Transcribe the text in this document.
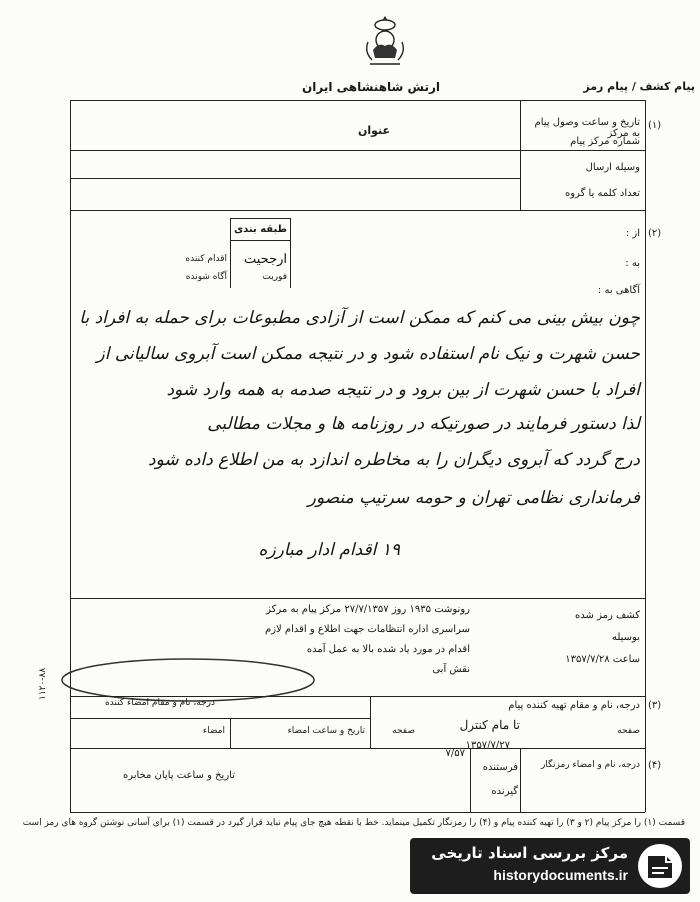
ارتش شاهنشاهی ایران	پیام کشف / پیام رمز
(۱)
تاریخ و ساعت وصول پیام به مرکز
شماره مرکز پیام
وسیله ارسال
تعداد کلمه یا گروه
عنوان
(۲)
از :
به :
آگاهی به :
طبقه بندی
فوریت
ارجحیت
اقدام کننده
آگاه شونده
چون بیش بینی می کنم که ممکن است از آزادی مطبوعات برای حمله به افراد با
حسن شهرت و نیک نام استفاده شود و در نتیجه ممکن است آبروی سالیانی از
افراد با حسن شهرت از بین برود و در نتیجه صدمه به همه وارد شود
لذا دستور فرمایند در صورتیکه در روزنامه ها و مجلات مطالبی
درج گردد که آبروی دیگران را به مخاطره اندازد به من اطلاع داده شود
فرمانداری نظامی تهران و حومه سرتیپ منصور
۱۹ اقدام ادار مبارزه
رونوشت ۱۹۳۵ روز ۲۷/۷/۱۳۵۷ مرکز پیام به مرکز
سراسری اداره انتظامات جهت اطلاع و اقدام لازم
اقدام در مورد یاد شده بالا به عمل آمده
نقش آبی
کشف رمز شده
بوسیله
ساعت ۱۳۵۷/۷/۲۸
(۳)
درجه، نام و مقام تهیه کننده پیام
درجه، نام و مقام امضاء کننده
امضاء	تاریخ و ساعت امضاء	صفحه	تا مام کنترل
۱۳۵۷/۷/۲۷
صفحه
(۴)
درجه، نام و امضاء رمزنگار
فرستنده
گیرنده
۷/۵۷
تاریخ و ساعت پایان مخابره
۱۱۲۰-۸۸
قسمت (۱) را مرکز پیام (۲ و ۳) را تهیه کننده پیام و (۴) را رمزنگار تکمیل مینماید. خط یا نقطه هیچ جای پیام نباید قرار گیرد در قسمت (۱) برای آسانی نوشتن گروه های رمز است
مرکز بررسی اسناد تاریخی
historydocuments.ir
